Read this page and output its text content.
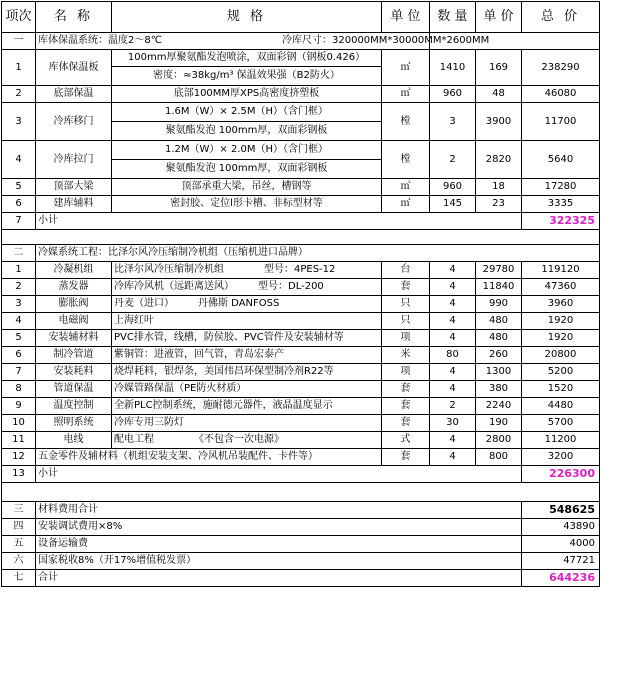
项次	名 称	规 格	单 位	数 量	单 价	总 价
一	库体保温系统：温度2～8℃			冷库尺寸：320000MM*30000MM*2600MM		
1	库体保温板	100mm厚聚氨酯发泡喷涂，双面彩钢（钢板0.426）	㎡	1410	169	238290
		密度：≈38kg/m³ 保温效果强（B2防火）				
2	底部保温	底部100MM厚XPS高密度挤塑板	㎡	960	48	46080
3	冷库移门	1.6M（W）× 2.5M（H）（含门框）	樘	3	3900	11700
		聚氨酯发泡 100mm厚，双面彩钢板				
4	冷库拉门	1.2M（W）× 2.0M（H）（含门框）	樘	2	2820	5640
		聚氨酯发泡 100mm厚，双面彩钢板				
5	顶部大梁	顶部承重大梁，吊丝，槽钢等	㎡	960	18	17280
6	建库辅料	密封胶、定位l形卡槽、非标型材等	㎡	145	23	3335
7	小计					322325

二	冷媒系统工程：比泽尔风冷压缩制冷机组（压缩机进口品牌）					
1	冷凝机组	比泽尔风冷压缩制冷机组 型号：4PES-12	台	4	29780	119120
2	蒸发器	冷库冷风机（远距离送风） 型号：DL-200	套	4	11840	47360
3	膨胀阀	丹麦（进口） 丹佛斯 DANFOSS	只	4	990	3960
4	电磁阀	上海红叶	只	4	480	1920
5	安装辅材料	PVC排水管，线槽，防侯胶、PVC管件及安装辅材等	项	4	480	1920
6	制冷管道	紫铜管：进液管，回气管，青岛宏泰产	米	80	260	20800
7	安装耗料	烧焊耗料，银焊条，美国伟昌环保型制冷剂R22等	项	4	1300	5200
8	管道保温	冷媒管路保温（PE防火材质）	套	4	380	1520
9	温度控制	全新PLC控制系统，施耐德元器件，液晶温度显示	套	2	2240	4480
10	照明系统	冷库专用三防灯	套	30	190	5700
11	电线	配电工程 《不包含一次电源》	式	4	2800	11200
12	五金零件及辅材料（机组安装支架、冷风机吊装配件、卡件等）		套	4	800	3200
13	小计					226300

三	材料费用合计					548625
四	安装调试费用×8%					43890
五	设备运输费					4000
六	国家税收8%（开17%增值税发票）					47721
七	合计					644236
